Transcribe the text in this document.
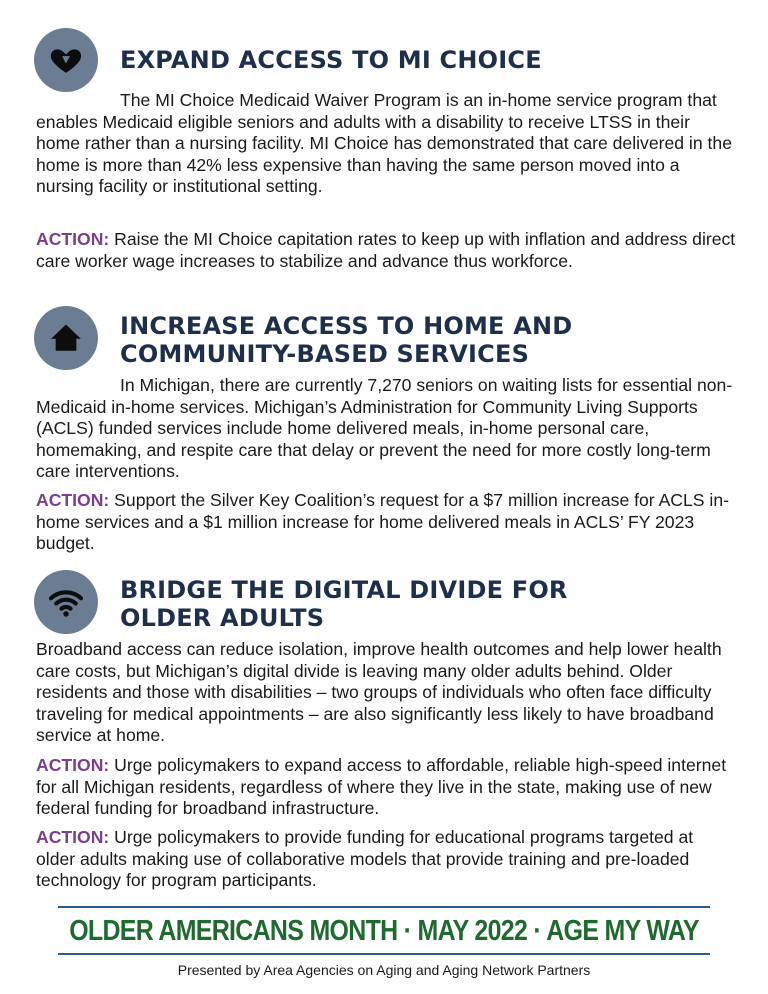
EXPAND ACCESS TO MI CHOICE

The MI Choice Medicaid Waiver Program is an in-home service program that enables Medicaid eligible seniors and adults with a disability to receive LTSS in their home rather than a nursing facility. MI Choice has demonstrated that care delivered in the home is more than 42% less expensive than having the same person moved into a nursing facility or institutional setting.

ACTION: Raise the MI Choice capitation rates to keep up with inflation and address direct care worker wage increases to stabilize and advance thus workforce.

INCREASE ACCESS TO HOME AND
COMMUNITY-BASED SERVICES

In Michigan, there are currently 7,270 seniors on waiting lists for essential non-Medicaid in-home services. Michigan’s Administration for Community Living Supports (ACLS) funded services include home delivered meals, in-home personal care, homemaking, and respite care that delay or prevent the need for more costly long-term care interventions.

ACTION: Support the Silver Key Coalition’s request for a $7 million increase for ACLS in-home services and a $1 million increase for home delivered meals in ACLS’ FY 2023 budget.

BRIDGE THE DIGITAL DIVIDE FOR
OLDER ADULTS

Broadband access can reduce isolation, improve health outcomes and help lower health care costs, but Michigan’s digital divide is leaving many older adults behind. Older residents and those with disabilities – two groups of individuals who often face difficulty traveling for medical appointments – are also significantly less likely to have broadband service at home.

ACTION: Urge policymakers to expand access to affordable, reliable high-speed internet for all Michigan residents, regardless of where they live in the state, making use of new federal funding for broadband infrastructure.

ACTION: Urge policymakers to provide funding for educational programs targeted at older adults making use of collaborative models that provide training and pre-loaded technology for program participants.

OLDER AMERICANS MONTH · MAY 2022 · AGE MY WAY
Presented by Area Agencies on Aging and Aging Network Partners
